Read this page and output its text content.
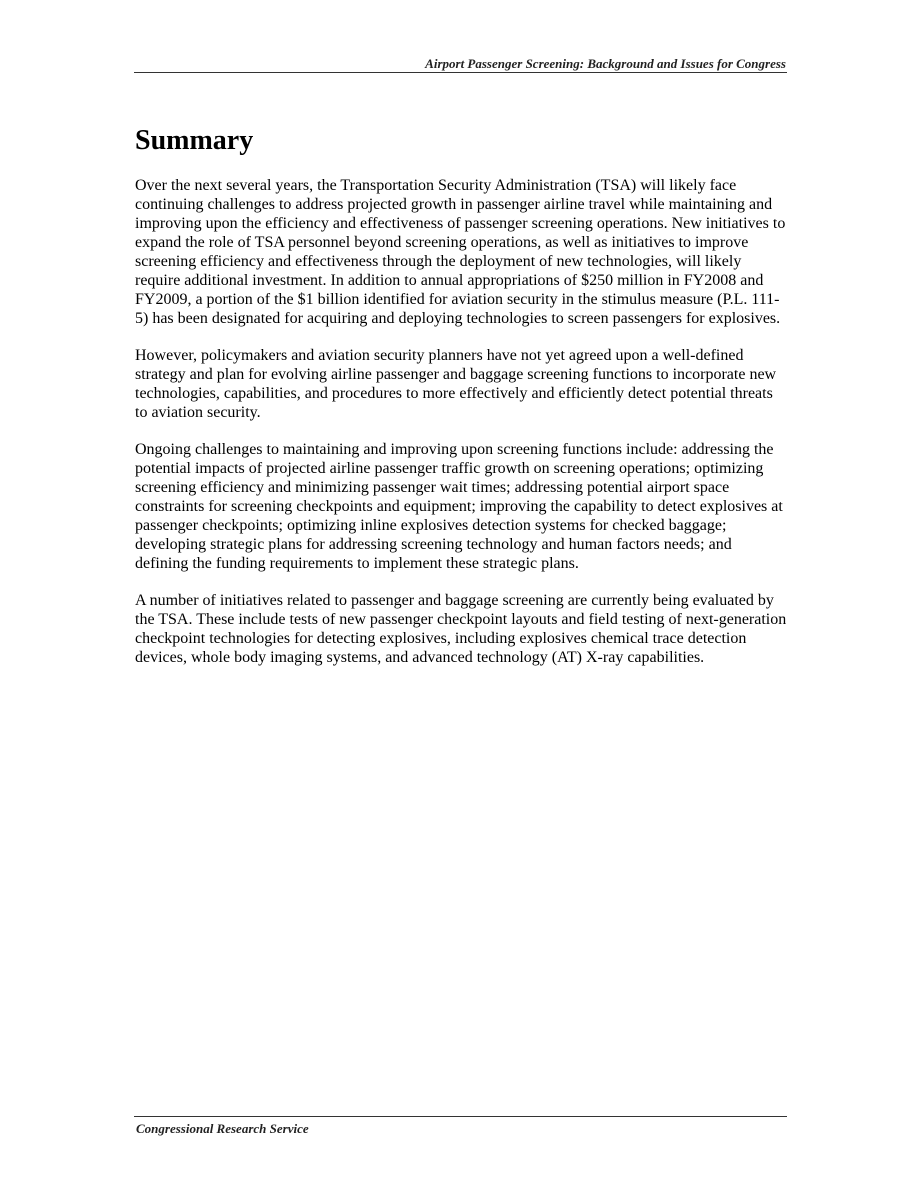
Airport Passenger Screening: Background and Issues for Congress
Summary

Over the next several years, the Transportation Security Administration (TSA) will likely face continuing challenges to address projected growth in passenger airline travel while maintaining and improving upon the efficiency and effectiveness of passenger screening operations. New initiatives to expand the role of TSA personnel beyond screening operations, as well as initiatives to improve screening efficiency and effectiveness through the deployment of new technologies, will likely require additional investment. In addition to annual appropriations of $250 million in FY2008 and FY2009, a portion of the $1 billion identified for aviation security in the stimulus measure (P.L. 111-5) has been designated for acquiring and deploying technologies to screen passengers for explosives.

However, policymakers and aviation security planners have not yet agreed upon a well-defined strategy and plan for evolving airline passenger and baggage screening functions to incorporate new technologies, capabilities, and procedures to more effectively and efficiently detect potential threats to aviation security.

Ongoing challenges to maintaining and improving upon screening functions include: addressing the potential impacts of projected airline passenger traffic growth on screening operations; optimizing screening efficiency and minimizing passenger wait times; addressing potential airport space constraints for screening checkpoints and equipment; improving the capability to detect explosives at passenger checkpoints; optimizing inline explosives detection systems for checked baggage; developing strategic plans for addressing screening technology and human factors needs; and defining the funding requirements to implement these strategic plans.

A number of initiatives related to passenger and baggage screening are currently being evaluated by the TSA. These include tests of new passenger checkpoint layouts and field testing of next-generation checkpoint technologies for detecting explosives, including explosives chemical trace detection devices, whole body imaging systems, and advanced technology (AT) X-ray capabilities.

Congressional Research Service
